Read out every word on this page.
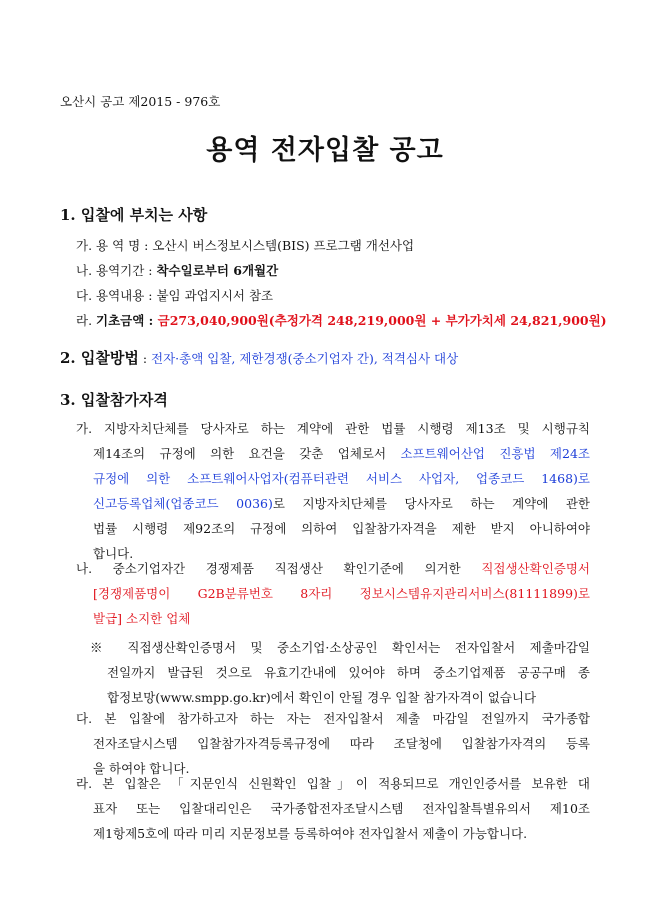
오산시 공고 제2015 - 976호
용역 전자입찰 공고
1. 입찰에 부치는 사항
가. 용 역 명 : 오산시 버스정보시스템(BIS) 프로그램 개선사업
나. 용역기간 : 착수일로부터 6개월간
다. 용역내용 : 붙임 과업지시서 참조
라. 기초금액 : 금273,040,900원(추정가격 248,219,000원 + 부가가치세 24,821,900원)
2. 입찰방법 : 전자·총액 입찰, 제한경쟁(중소기업자 간), 적격심사 대상
3. 입찰참가자격
가. 지방자치단체를 당사자로 하는 계약에 관한 법률 시행령 제13조 및 시행규칙
제14조의 규정에 의한 요건을 갖춘 업체로서 소프트웨어산업 진흥법 제24조
규정에 의한 소프트웨어사업자(컴퓨터관련 서비스 사업자, 업종코드 1468)로
신고등록업체(업종코드 0036)로 지방자치단체를 당사자로 하는 계약에 관한
법률 시행령 제92조의 규정에 의하여 입찰참가자격을 제한 받지 아니하여야
합니다.
나. 중소기업자간 경쟁제품 직접생산 확인기준에 의거한 직접생산확인증명서
[경쟁제품명이 G2B분류번호 8자리 정보시스템유지관리서비스(81111899)로
발급] 소지한 업체
※ 직접생산확인증명서 및 중소기업·소상공인 확인서는 전자입찰서 제출마감일
전일까지 발급된 것으로 유효기간내에 있어야 하며 중소기업제품 공공구매 종
합정보망(www.smpp.go.kr)에서 확인이 안될 경우 입찰 참가자격이 없습니다
다. 본 입찰에 참가하고자 하는 자는 전자입찰서 제출 마감일 전일까지 국가종합
전자조달시스템 입찰참가자격등록규정에 따라 조달청에 입찰참가자격의 등록
을 하여야 합니다.
라. 본 입찰은 「지문인식 신원확인 입찰」이 적용되므로 개인인증서를 보유한 대
표자 또는 입찰대리인은 국가종합전자조달시스템 전자입찰특별유의서 제10조
제1항제5호에 따라 미리 지문정보를 등록하여야 전자입찰서 제출이 가능합니다.
